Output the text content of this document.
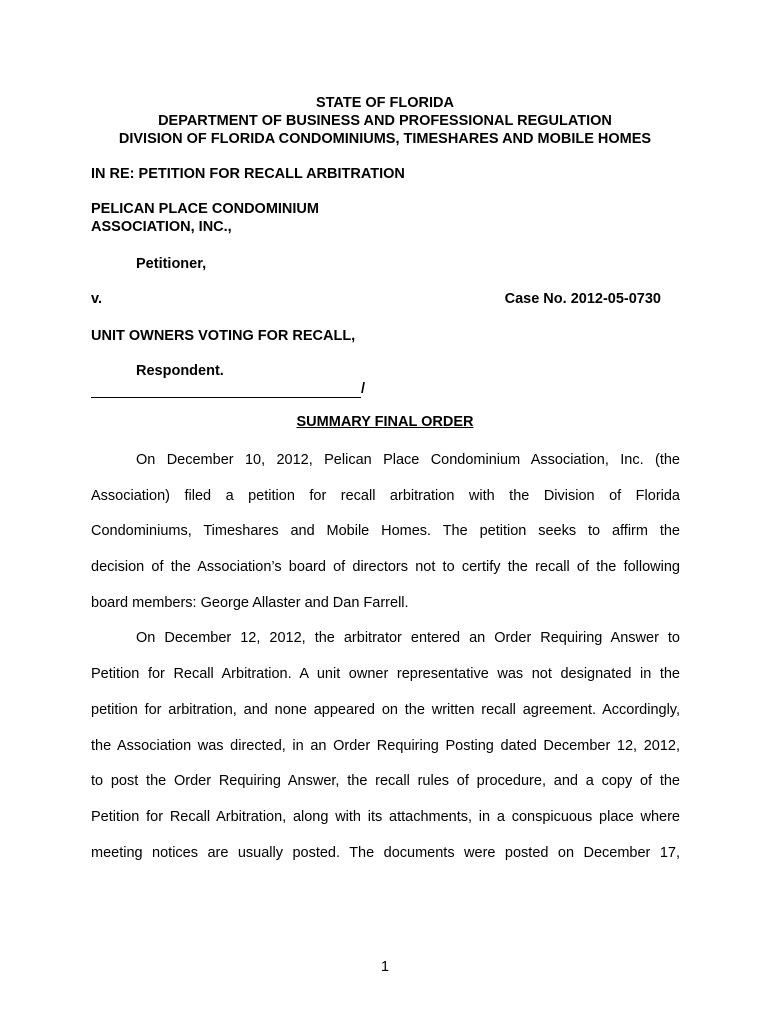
STATE OF FLORIDA
DEPARTMENT OF BUSINESS AND PROFESSIONAL REGULATION
DIVISION OF FLORIDA CONDOMINIUMS, TIMESHARES AND MOBILE HOMES
IN RE: PETITION FOR RECALL ARBITRATION
PELICAN PLACE CONDOMINIUM
ASSOCIATION, INC.,
Petitioner,
v.	Case No. 2012-05-0730
UNIT OWNERS VOTING FOR RECALL,
Respondent.
/
SUMMARY FINAL ORDER
On December 10, 2012, Pelican Place Condominium Association, Inc. (the
Association) filed a petition for recall arbitration with the Division of Florida
Condominiums, Timeshares and Mobile Homes. The petition seeks to affirm the
decision of the Association’s board of directors not to certify the recall of the following
board members: George Allaster and Dan Farrell.
On December 12, 2012, the arbitrator entered an Order Requiring Answer to
Petition for Recall Arbitration. A unit owner representative was not designated in the
petition for arbitration, and none appeared on the written recall agreement. Accordingly,
the Association was directed, in an Order Requiring Posting dated December 12, 2012,
to post the Order Requiring Answer, the recall rules of procedure, and a copy of the
Petition for Recall Arbitration, along with its attachments, in a conspicuous place where
meeting notices are usually posted. The documents were posted on December 17,
1
